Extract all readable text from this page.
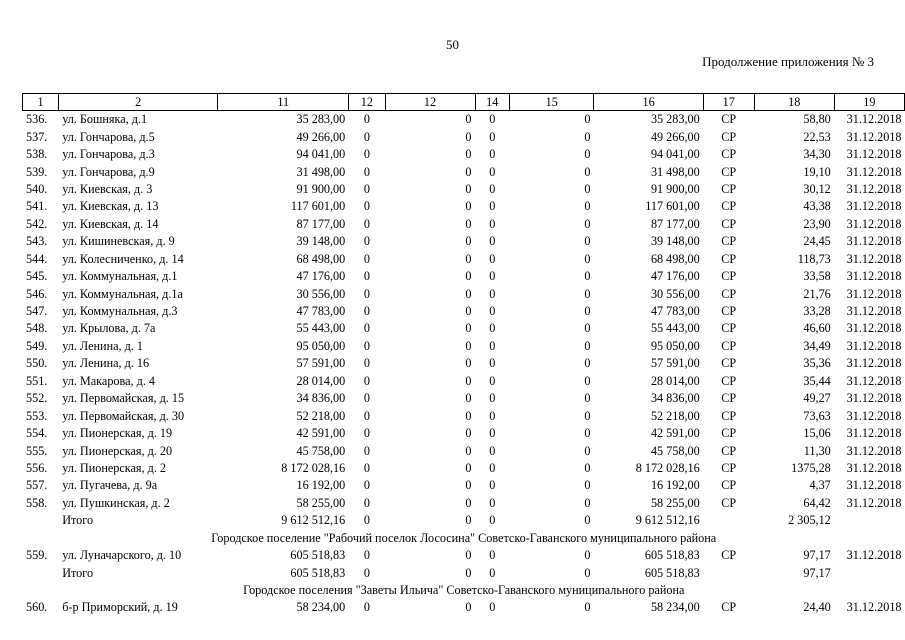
50
Продолжение приложения № 3
1	2	11	12	12	14	15	16	17	18	19
536.	ул. Бошняка, д.1	35 283,00	0	0	0	0	35 283,00	СР	58,80	31.12.2018
537.	ул. Гончарова, д.5	49 266,00	0	0	0	0	49 266,00	СР	22,53	31.12.2018
538.	ул. Гончарова, д.3	94 041,00	0	0	0	0	94 041,00	СР	34,30	31.12.2018
539.	ул. Гончарова, д.9	31 498,00	0	0	0	0	31 498,00	СР	19,10	31.12.2018
540.	ул. Киевская, д. 3	91 900,00	0	0	0	0	91 900,00	СР	30,12	31.12.2018
541.	ул. Киевская, д. 13	117 601,00	0	0	0	0	117 601,00	СР	43,38	31.12.2018
542.	ул. Киевская, д. 14	87 177,00	0	0	0	0	87 177,00	СР	23,90	31.12.2018
543.	ул. Кишиневская, д. 9	39 148,00	0	0	0	0	39 148,00	СР	24,45	31.12.2018
544.	ул. Колесниченко, д. 14	68 498,00	0	0	0	0	68 498,00	СР	118,73	31.12.2018
545.	ул. Коммунальная, д.1	47 176,00	0	0	0	0	47 176,00	СР	33,58	31.12.2018
546.	ул. Коммунальная, д.1а	30 556,00	0	0	0	0	30 556,00	СР	21,76	31.12.2018
547.	ул. Коммунальная, д.3	47 783,00	0	0	0	0	47 783,00	СР	33,28	31.12.2018
548.	ул. Крылова, д. 7а	55 443,00	0	0	0	0	55 443,00	СР	46,60	31.12.2018
549.	ул. Ленина, д. 1	95 050,00	0	0	0	0	95 050,00	СР	34,49	31.12.2018
550.	ул. Ленина, д. 16	57 591,00	0	0	0	0	57 591,00	СР	35,36	31.12.2018
551.	ул. Макарова, д. 4	28 014,00	0	0	0	0	28 014,00	СР	35,44	31.12.2018
552.	ул. Первомайская, д. 15	34 836,00	0	0	0	0	34 836,00	СР	49,27	31.12.2018
553.	ул. Первомайская, д. 30	52 218,00	0	0	0	0	52 218,00	СР	73,63	31.12.2018
554.	ул. Пионерская, д. 19	42 591,00	0	0	0	0	42 591,00	СР	15,06	31.12.2018
555.	ул. Пионерская, д. 20	45 758,00	0	0	0	0	45 758,00	СР	11,30	31.12.2018
556.	ул. Пионерская, д. 2	8 172 028,16	0	0	0	0	8 172 028,16	СР	1375,28	31.12.2018
557.	ул. Пугачева, д. 9а	16 192,00	0	0	0	0	16 192,00	СР	4,37	31.12.2018
558.	ул. Пушкинская, д. 2	58 255,00	0	0	0	0	58 255,00	СР	64,42	31.12.2018
	Итого	9 612 512,16	0	0	0	0	9 612 512,16		2 305,12	
Городское поселение "Рабочий поселок Лососина" Советско-Гаванского муниципального района										
559.	ул. Луначарского, д. 10	605 518,83	0	0	0	0	605 518,83	СР	97,17	31.12.2018
	Итого	605 518,83	0	0	0	0	605 518,83		97,17	
Городское поселения "Заветы Ильича" Советско-Гаванского муниципального района										
560.	б-р Приморский, д. 19	58 234,00	0	0	0	0	58 234,00	СР	24,40	31.12.2018
